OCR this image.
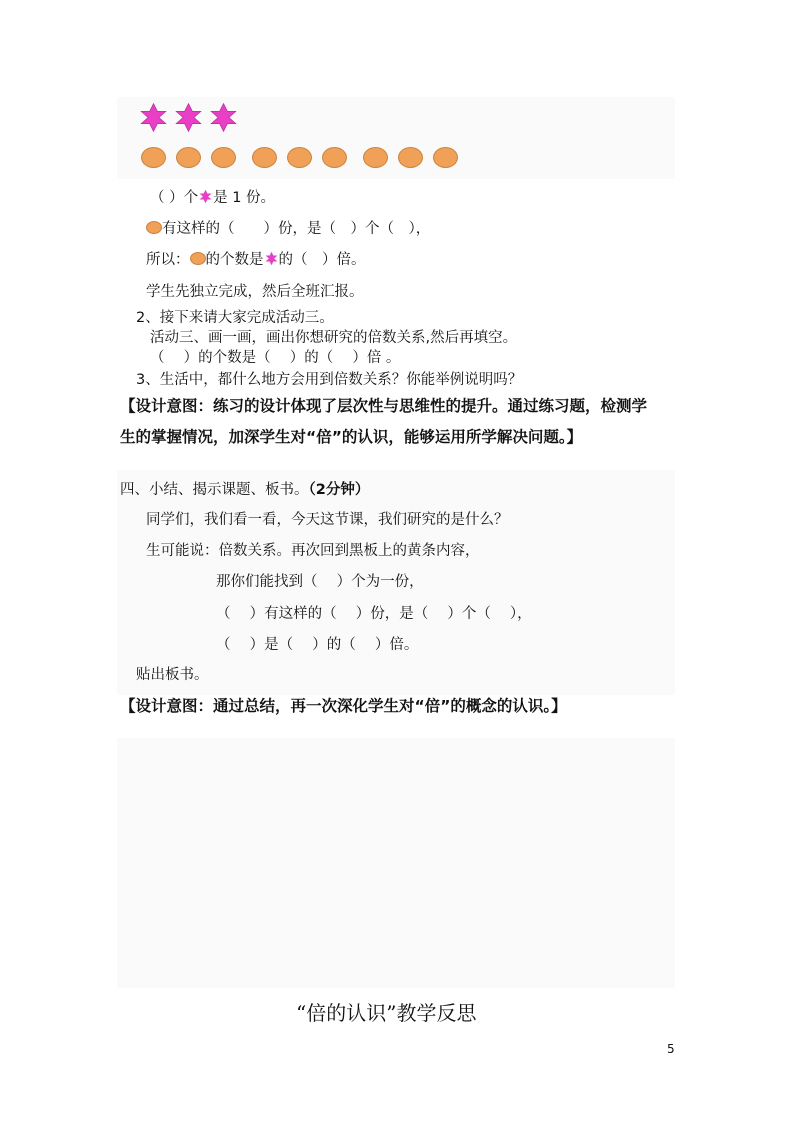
（ ）个 是 1 份。
有这样的（　　）份，是（　）个（　），
所以： 的个数是 的（　）倍。
学生先独立完成，然后全班汇报。
2、接下来请大家完成活动三。
活动三、画一画，画出你想研究的倍数关系,然后再填空。
（　 ）的个数是（　 ）的（　 ）倍 。
3、生活中，都什么地方会用到倍数关系？你能举例说明吗？
【设计意图：练习的设计体现了层次性与思维性的提升。通过练习题，检测学
生的掌握情况，加深学生对“倍”的认识，能够运用所学解决问题。】
四、小结、揭示课题、板书。（2分钟）
同学们，我们看一看，今天这节课，我们研究的是什么？
生可能说：倍数关系。再次回到黑板上的黄条内容，
那你们能找到（　 ）个为一份，
（　 ）有这样的（　 ）份，是（　 ）个（　 ），
（　 ）是（　 ）的（　 ）倍。
贴出板书。
【设计意图：通过总结，再一次深化学生对“倍”的概念的认识。】
“倍的认识”教学反思
5
